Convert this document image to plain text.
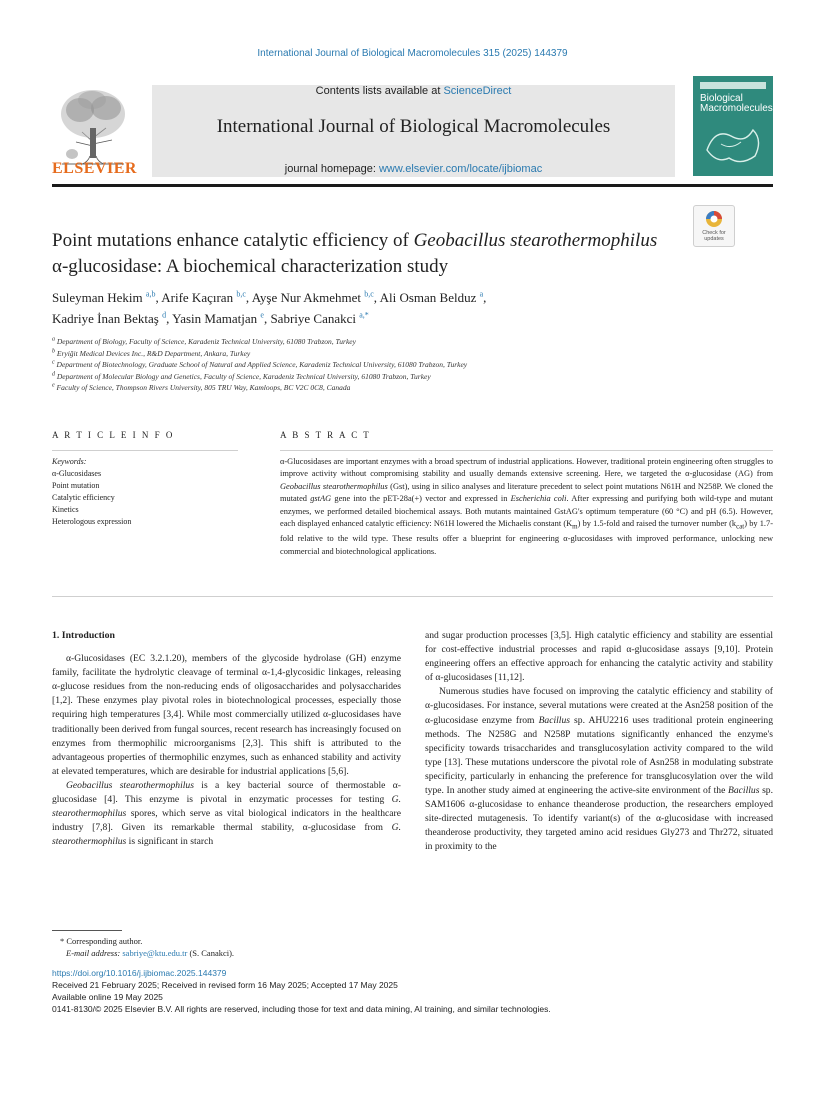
International Journal of Biological Macromolecules 315 (2025) 144379
Contents lists available at ScienceDirect
International Journal of Biological Macromolecules
journal homepage: www.elsevier.com/locate/ijbiomac
ELSEVIER
Biological Macromolecules
Check for updates
Point mutations enhance catalytic efficiency of Geobacillus stearothermophilus α-glucosidase: A biochemical characterization study
Suleyman Hekim $^{a,b}$, Arife Kaçıran $^{b,c}$, Ayşe Nur Akmehmet $^{b,c}$, Ali Osman Belduz $^a$,
Kadriye İnan Bektaş $^d$, Yasin Mamatjan $^e$, Sabriye Canakci $^{a,*}$
$^a$ Department of Biology, Faculty of Science, Karadeniz Technical University, 61080 Trabzon, Turkey
$^b$ Eryiğit Medical Devices Inc., R&D Department, Ankara, Turkey
$^c$ Department of Biotechnology, Graduate School of Natural and Applied Science, Karadeniz Technical University, 61080 Trabzon, Turkey
$^d$ Department of Molecular Biology and Genetics, Faculty of Science, Karadeniz Technical University, 61080 Trabzon, Turkey
$^e$ Faculty of Science, Thompson Rivers University, 805 TRU Way, Kamloops, BC V2C 0C8, Canada
A R T I C L E I N F O	A B S T R A C T
Keywords:
α-Glucosidases
Point mutation
Catalytic efficiency
Kinetics
Heterologous expression
α-Glucosidases are important enzymes with a broad spectrum of industrial applications. However, traditional protein engineering often struggles to improve activity without compromising stability and usually demands extensive screening. Here, we targeted the α-glucosidase (AG) from Geobacillus stearothermophilus (Gst), using in silico analyses and literature precedent to select point mutations N61H and N258P. We cloned the mutated gstAG gene into the pET-28a(+) vector and expressed in Escherichia coli. After expressing and purifying both wild-type and mutant enzymes, we performed detailed biochemical assays. Both mutants maintained GstAG's optimum temperature (60 °C) and pH (6.5). However, each displayed enhanced catalytic efficiency: N61H lowered the Michaelis constant $(K_m)$ by 1.5-fold and raised the turnover number $(k_{cat})$ by 1.7-fold relative to the wild type. These results offer a blueprint for engineering α-glucosidases with improved performance, unlocking new commercial and biotechnological applications.
1. Introduction

α-Glucosidases (EC 3.2.1.20), members of the glycoside hydrolase (GH) enzyme family, facilitate the hydrolytic cleavage of terminal α-1,4-glycosidic linkages, releasing α-glucose residues from the non-reducing ends of oligosaccharides and polysaccharides [1,2]. These enzymes play pivotal roles in biotechnological processes, especially those requiring high temperatures [3,4]. While most commercially utilized α-glucosidases have traditionally been derived from fungal sources, recent research has increasingly focused on enzymes from thermophilic microorganisms [2,3]. This shift is attributed to the advantageous properties of thermophilic enzymes, such as enhanced stability and activity at elevated temperatures, which are desirable for industrial applications [5,6].

Geobacillus stearothermophilus is a key bacterial source of thermostable α-glucosidase [4]. This enzyme is pivotal in enzymatic processes for testing G. stearothermophilus spores, which serve as vital biological indicators in the healthcare industry [7,8]. Given its remarkable thermal stability, α-glucosidase from G. stearothermophilus is significant in starch

and sugar production processes [3,5]. High catalytic efficiency and stability are essential for cost-effective industrial processes and rapid α-glucosidase assays [9,10]. Protein engineering offers an effective approach for enhancing the catalytic activity and stability of α-glucosidases [11,12].

Numerous studies have focused on improving the catalytic efficiency and stability of α-glucosidases. For instance, several mutations were created at the Asn258 position of the α-glucosidase enzyme from Bacillus sp. AHU2216 uses traditional protein engineering methods. The N258G and N258P mutations significantly enhanced the enzyme's specificity towards trisaccharides and transglucosylation activity compared to the wild type [13]. These mutations underscore the pivotal role of Asn258 in modulating substrate specificity, particularly in enhancing the preference for transglucosylation over the wild type. In another study aimed at engineering the active-site environment of the Bacillus sp. SAM1606 α-glucosidase to enhance theanderose production, the researchers employed site-directed mutagenesis. To identify variant(s) of the α-glucosidase with increased theanderose productivity, they targeted amino acid residues Gly273 and Thr272, situated in proximity to the

* Corresponding author.
E-mail address: sabriye@ktu.edu.tr (S. Canakci).
https://doi.org/10.1016/j.ijbiomac.2025.144379
Received 21 February 2025; Received in revised form 16 May 2025; Accepted 17 May 2025
Available online 19 May 2025
0141-8130/© 2025 Elsevier B.V. All rights are reserved, including those for text and data mining, AI training, and similar technologies.
